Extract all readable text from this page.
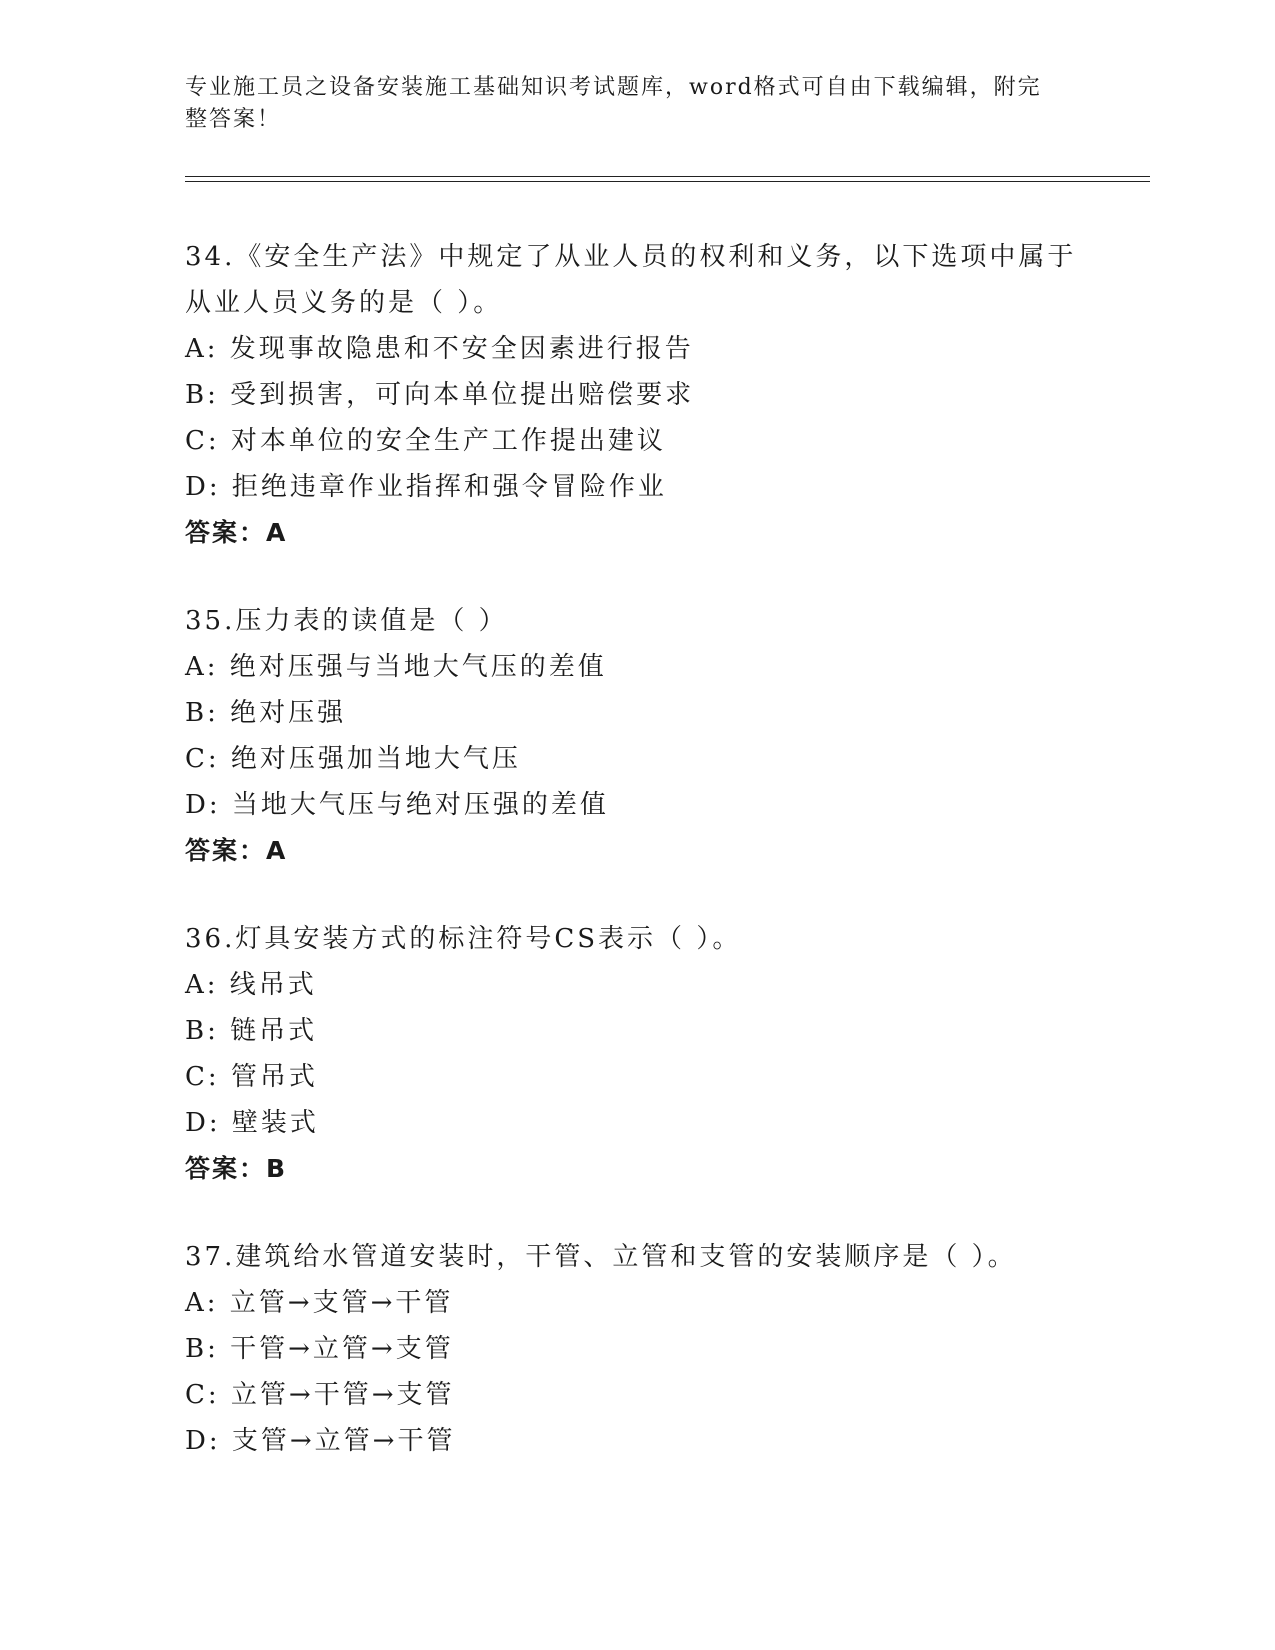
专业施工员之设备安装施工基础知识考试题库，word格式可自由下载编辑，附完整答案！
34.《安全生产法》中规定了从业人员的权利和义务，以下选项中属于从业人员义务的是（ ）。
A: 发现事故隐患和不安全因素进行报告
B: 受到损害，可向本单位提出赔偿要求
C: 对本单位的安全生产工作提出建议
D: 拒绝违章作业指挥和强令冒险作业
答案：A
35.压力表的读值是（ ）
A: 绝对压强与当地大气压的差值
B: 绝对压强
C: 绝对压强加当地大气压
D: 当地大气压与绝对压强的差值
答案：A
36.灯具安装方式的标注符号CS表示（ ）。
A: 线吊式
B: 链吊式
C: 管吊式
D: 壁装式
答案：B
37.建筑给水管道安装时，干管、立管和支管的安装顺序是（ ）。
A: 立管→支管→干管
B: 干管→立管→支管
C: 立管→干管→支管
D: 支管→立管→干管
